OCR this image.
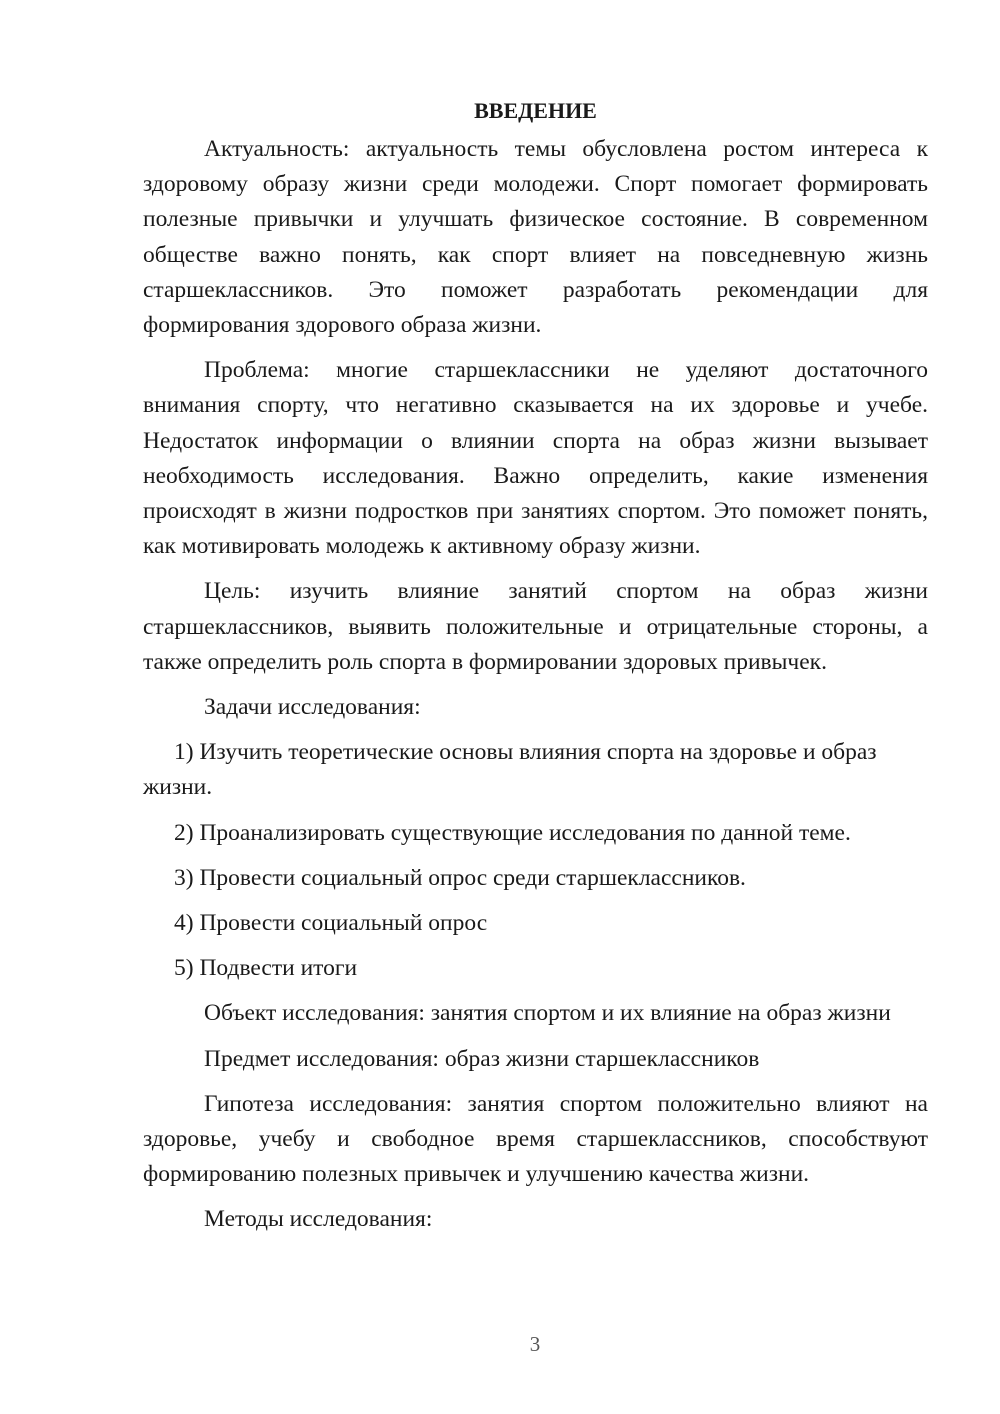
ВВЕДЕНИЕ

Актуальность: актуальность темы обусловлена ростом интереса к здоровому образу жизни среди молодежи. Спорт помогает формировать полезные привычки и улучшать физическое состояние. В современном обществе важно понять, как спорт влияет на повседневную жизнь старшеклассников. Это поможет разработать рекомендации для формирования здорового образа жизни.

Проблема: многие старшеклассники не уделяют достаточного внимания спорту, что негативно сказывается на их здоровье и учебе. Недостаток информации о влиянии спорта на образ жизни вызывает необходимость исследования. Важно определить, какие изменения происходят в жизни подростков при занятиях спортом. Это поможет понять, как мотивировать молодежь к активному образу жизни.

Цель: изучить влияние занятий спортом на образ жизни старшеклассников, выявить положительные и отрицательные стороны, а также определить роль спорта в формировании здоровых привычек.

Задачи исследования:

1) Изучить теоретические основы влияния спорта на здоровье и образ жизни.

2) Проанализировать существующие исследования по данной теме.

3) Провести социальный опрос среди старшеклассников.

4) Провести социальный опрос

5) Подвести итоги

Объект исследования: занятия спортом и их влияние на образ жизни

Предмет исследования: образ жизни старшеклассников

Гипотеза исследования: занятия спортом положительно влияют на здоровье, учебу и свободное время старшеклассников, способствуют формированию полезных привычек и улучшению качества жизни.

Методы исследования:

3
